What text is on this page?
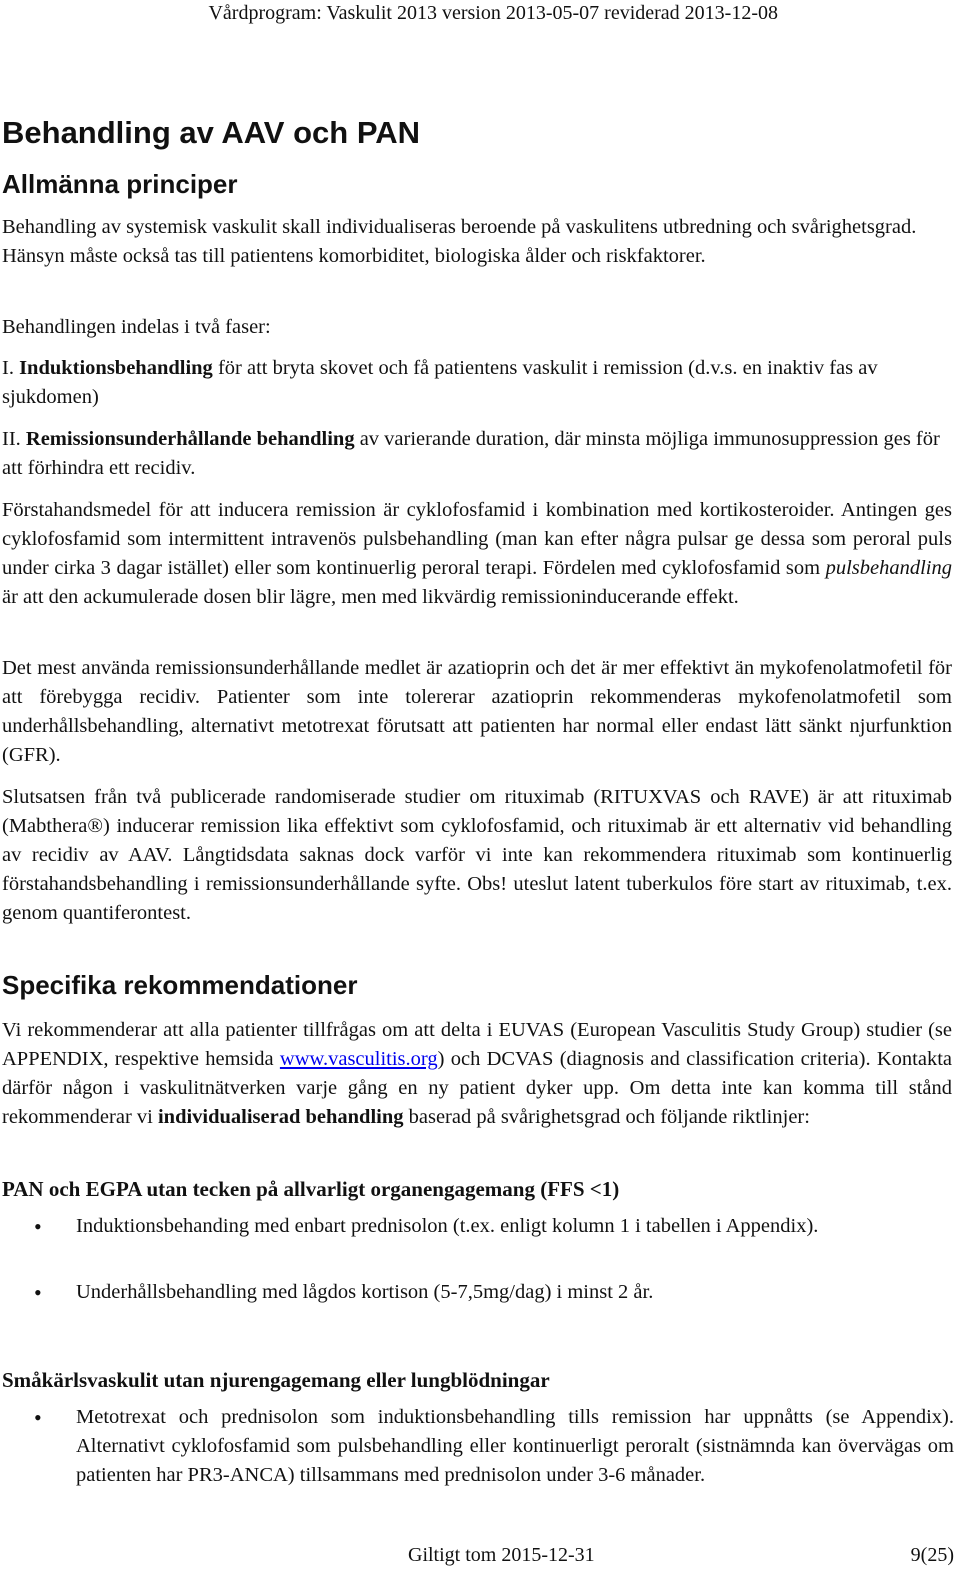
Vårdprogram: Vaskulit 2013 version 2013-05-07 reviderad 2013-12-08
Behandling av AAV och PAN
Allmänna principer

Behandling av systemisk vaskulit skall individualiseras beroende på vaskulitens utbredning och svårighetsgrad. Hänsyn måste också tas till patientens komorbiditet, biologiska ålder och riskfaktorer.

Behandlingen indelas i två faser:

I. Induktionsbehandling för att bryta skovet och få patientens vaskulit i remission (d.v.s. en inaktiv fas av sjukdomen)

II. Remissionsunderhållande behandling av varierande duration, där minsta möjliga immunosuppression ges för att förhindra ett recidiv.

Förstahandsmedel för att inducera remission är cyklofosfamid i kombination med kortikosteroider. Antingen ges cyklofosfamid som intermittent intravenös pulsbehandling (man kan efter några pulsar ge dessa som peroral puls under cirka 3 dagar istället) eller som kontinuerlig peroral terapi. Fördelen med cyklofosfamid som pulsbehandling är att den ackumulerade dosen blir lägre, men med likvärdig remissioninducerande effekt.

Det mest använda remissionsunderhållande medlet är azatioprin och det är mer effektivt än mykofenolatmofetil för att förebygga recidiv. Patienter som inte tolererar azatioprin rekommenderas mykofenolatmofetil som underhållsbehandling, alternativt metotrexat förutsatt att patienten har normal eller endast lätt sänkt njurfunktion (GFR).

Slutsatsen från två publicerade randomiserade studier om rituximab (RITUXVAS och RAVE) är att rituximab (Mabthera®) inducerar remission lika effektivt som cyklofosfamid, och rituximab är ett alternativ vid behandling av recidiv av AAV. Långtidsdata saknas dock varför vi inte kan rekommendera rituximab som kontinuerlig förstahandsbehandling i remissionsunderhållande syfte. Obs! uteslut latent tuberkulos före start av rituximab, t.ex. genom quantiferontest.

Specifika rekommendationer

Vi rekommenderar att alla patienter tillfrågas om att delta i EUVAS (European Vasculitis Study Group) studier (se APPENDIX, respektive hemsida www.vasculitis.org) och DCVAS (diagnosis and classification criteria). Kontakta därför någon i vaskulitnätverken varje gång en ny patient dyker upp. Om detta inte kan komma till stånd rekommenderar vi individualiserad behandling baserad på svårighetsgrad och följande riktlinjer:

PAN och EGPA utan tecken på allvarligt organengagemang (FFS <1)
• Induktionsbehanding med enbart prednisolon (t.ex. enligt kolumn 1 i tabellen i Appendix).

• Underhållsbehandling med lågdos kortison (5-7,5mg/dag) i minst 2 år.

Småkärlsvaskulit utan njurengagemang eller lungblödningar
• Metotrexat och prednisolon som induktionsbehandling tills remission har uppnåtts (se Appendix). Alternativt cyklofosfamid som pulsbehandling eller kontinuerligt peroralt (sistnämnda kan övervägas om patienten har PR3-ANCA) tillsammans med prednisolon under 3-6 månader.

Giltigt tom 2015-12-31	9(25)
